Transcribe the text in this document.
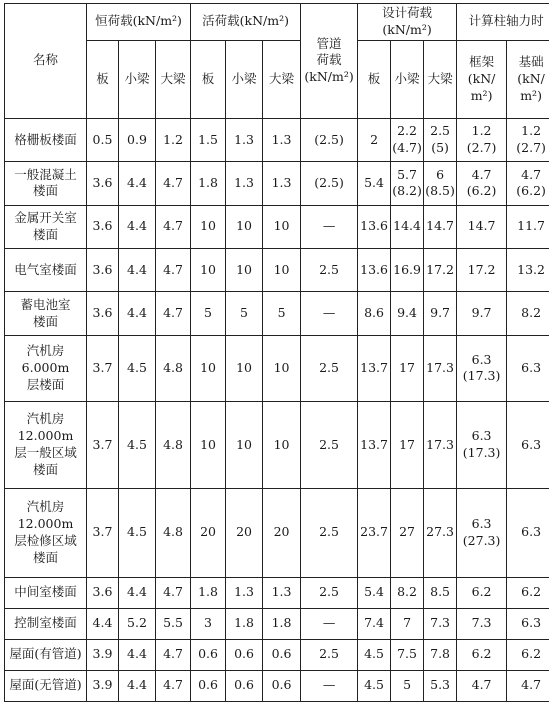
名称	恒荷载(kN/m²)			活荷载(kN/m²)			管道
荷载
(kN/m²)	设计荷载(kN/m²)			计算柱轴力时	
	板	小梁	大梁	板	小梁	大梁		板	小梁	大梁	框架
(kN/
m²)	基础
(kN/
m²)

格栅板楼面	0.5	0.9	1.2	1.5	1.3	1.3	(2.5)	2	2.2
(4.7)	2.5
(5)	1.2
(2.7)	1.2
(2.7)

一般混凝土
楼面	3.6	4.4	4.7	1.8	1.3	1.3	(2.5)	5.4	5.7
(8.2)	6
(8.5)	4.7
(6.2)	4.7
(6.2)

金属开关室
楼面	3.6	4.4	4.7	10	10	10	—	13.6	14.4	14.7	14.7	11.7

电气室楼面	3.6	4.4	4.7	10	10	10	2.5	13.6	16.9	17.2	17.2	13.2

蓄电池室
楼面	3.6	4.4	4.7	5	5	5	—	8.6	9.4	9.7	9.7	8.2

汽机房
6.000m
层楼面	3.7	4.5	4.8	10	10	10	2.5	13.7	17	17.3	6.3
(17.3)	6.3

汽机房
12.000m
层一般区域
楼面	3.7	4.5	4.8	10	10	10	2.5	13.7	17	17.3	6.3
(17.3)	6.3

汽机房
12.000m
层检修区域
楼面	3.7	4.5	4.8	20	20	20	2.5	23.7	27	27.3	6.3
(27.3)	6.3

中间室楼面	3.6	4.4	4.7	1.8	1.3	1.3	2.5	5.4	8.2	8.5	6.2	6.2

控制室楼面	4.4	5.2	5.5	3	1.8	1.8	—	7.4	7	7.3	7.3	6.3

屋面(有管道)	3.9	4.4	4.7	0.6	0.6	0.6	2.5	4.5	7.5	7.8	6.2	6.2

屋面(无管道)	3.9	4.4	4.7	0.6	0.6	0.6	—	4.5	5	5.3	4.7	4.7
